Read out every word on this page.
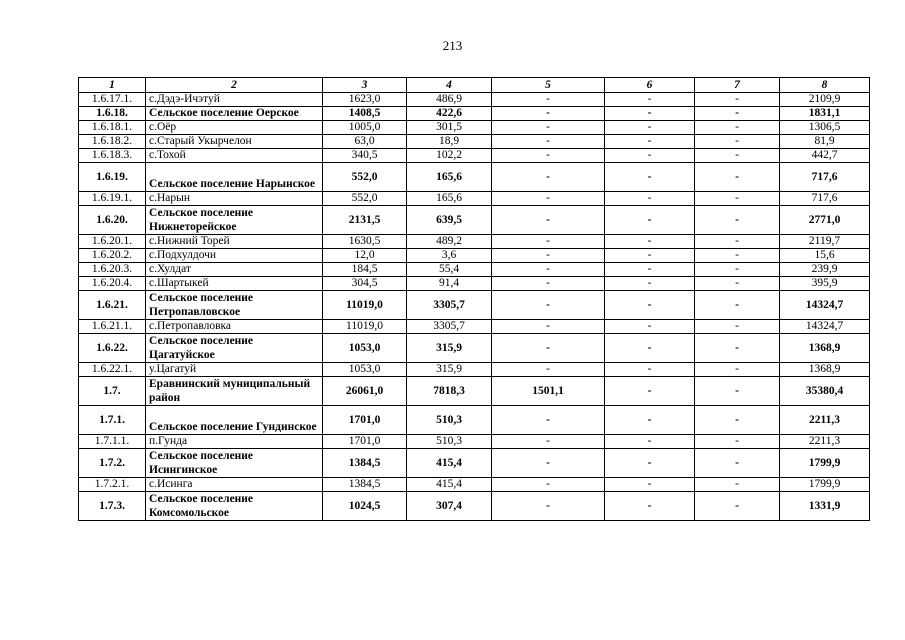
213
1	2	3	4	5	6	7	8
1.6.17.1.	с.Дэдэ-Ичэтуй	1623,0	486,9	-	-	-	2109,9
1.6.18.	Сельское поселение Оерское	1408,5	422,6	-	-	-	1831,1
1.6.18.1.	с.Оёр	1005,0	301,5	-	-	-	1306,5
1.6.18.2.	с.Старый Укырчелон	63,0	18,9	-	-	-	81,9
1.6.18.3.	с.Тохой	340,5	102,2	-	-	-	442,7
1.6.19.	Сельское поселение Нарынское	552,0	165,6	-	-	-	717,6
1.6.19.1.	с.Нарын	552,0	165,6	-	-	-	717,6
1.6.20.	Сельское поселение Нижнеторейское	2131,5	639,5	-	-	-	2771,0
1.6.20.1.	с.Нижний Торей	1630,5	489,2	-	-	-	2119,7
1.6.20.2.	с.Подхулдочи	12,0	3,6	-	-	-	15,6
1.6.20.3.	с.Хулдат	184,5	55,4	-	-	-	239,9
1.6.20.4.	с.Шартыкей	304,5	91,4	-	-	-	395,9
1.6.21.	Сельское поселение Петропавловское	11019,0	3305,7	-	-	-	14324,7
1.6.21.1.	с.Петропавловка	11019,0	3305,7	-	-	-	14324,7
1.6.22.	Сельское поселение Цагатуйское	1053,0	315,9	-	-	-	1368,9
1.6.22.1.	у.Цагатуй	1053,0	315,9	-	-	-	1368,9
1.7.	Еравнинский муниципальный район	26061,0	7818,3	1501,1	-	-	35380,4
1.7.1.	Сельское поселение Гундинское	1701,0	510,3	-	-	-	2211,3
1.7.1.1.	п.Гунда	1701,0	510,3	-	-	-	2211,3
1.7.2.	Сельское поселение Исингинское	1384,5	415,4	-	-	-	1799,9
1.7.2.1.	с.Исинга	1384,5	415,4	-	-	-	1799,9
1.7.3.	Сельское поселение Комсомольское	1024,5	307,4	-	-	-	1331,9
